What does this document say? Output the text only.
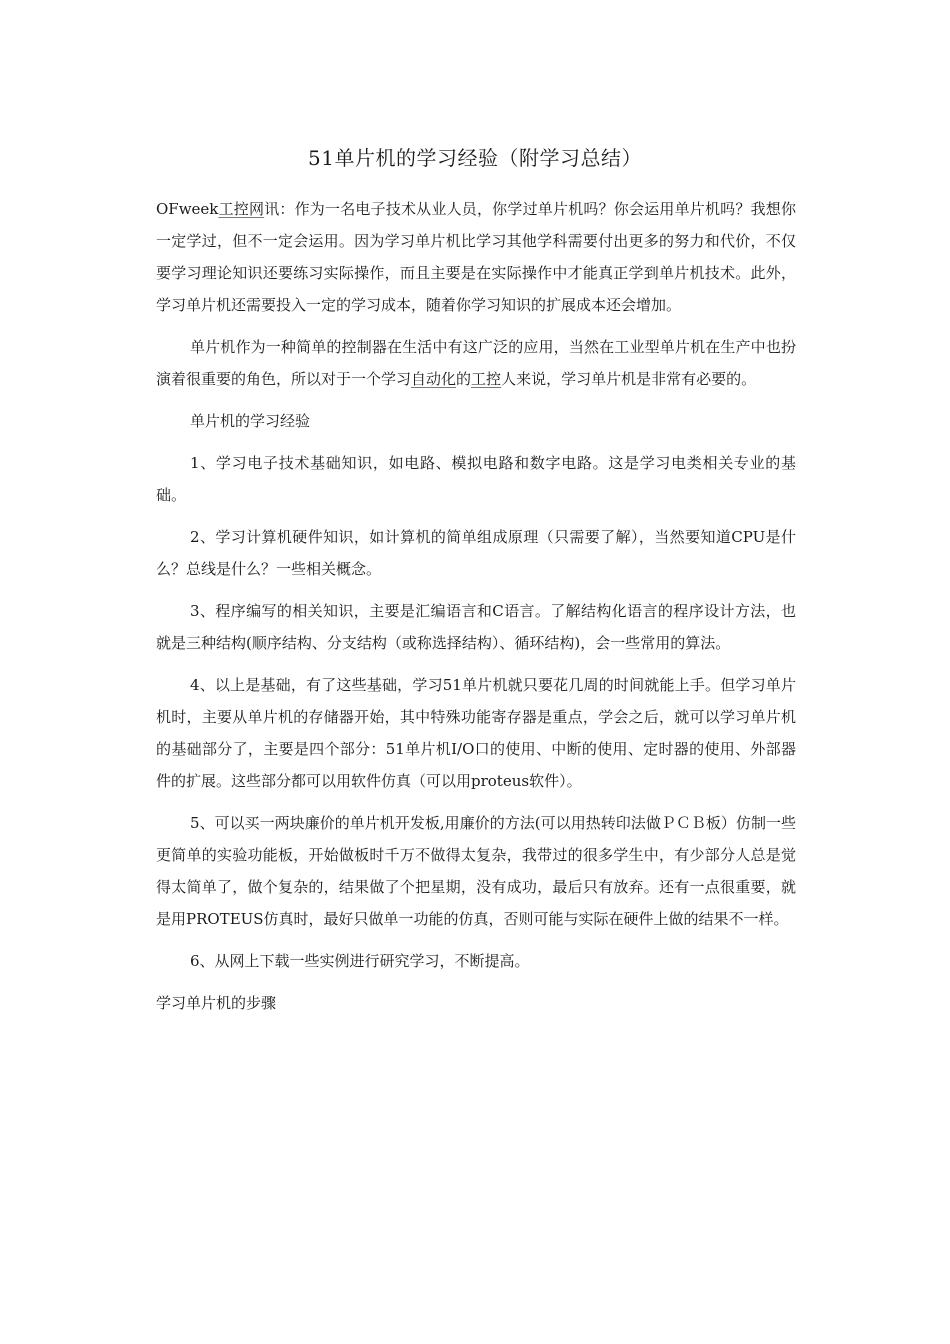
51单片机的学习经验（附学习总结）

OFweek工控网讯：作为一名电子技术从业人员，你学过单片机吗？你会运用单片机吗？我想你一定学过，但不一定会运用。因为学习单片机比学习其他学科需要付出更多的努力和代价，不仅要学习理论知识还要练习实际操作，而且主要是在实际操作中才能真正学到单片机技术。此外，学习单片机还需要投入一定的学习成本，随着你学习知识的扩展成本还会增加。

单片机作为一种简单的控制器在生活中有这广泛的应用，当然在工业型单片机在生产中也扮演着很重要的角色，所以对于一个学习自动化的工控人来说，学习单片机是非常有必要的。

单片机的学习经验

1、学习电子技术基础知识，如电路、模拟电路和数字电路。这是学习电类相关专业的基础。

2、学习计算机硬件知识，如计算机的简单组成原理（只需要了解），当然要知道CPU是什么？总线是什么？一些相关概念。

3、程序编写的相关知识，主要是汇编语言和C语言。了解结构化语言的程序设计方法，也就是三种结构(顺序结构、分支结构（或称选择结构）、循环结构)，会一些常用的算法。

4、以上是基础，有了这些基础，学习51单片机就只要花几周的时间就能上手。但学习单片机时，主要从单片机的存储器开始，其中特殊功能寄存器是重点，学会之后，就可以学习单片机的基础部分了，主要是四个部分：51单片机I/O口的使用、中断的使用、定时器的使用、外部器件的扩展。这些部分都可以用软件仿真（可以用proteus软件）。

5、可以买一两块廉价的单片机开发板,用廉价的方法(可以用热转印法做ＰＣＢ板）仿制一些更简单的实验功能板，开始做板时千万不做得太复杂，我带过的很多学生中，有少部分人总是觉得太简单了，做个复杂的，结果做了个把星期，没有成功，最后只有放弃。还有一点很重要，就是用PROTEUS仿真时，最好只做单一功能的仿真，否则可能与实际在硬件上做的结果不一样。

6、从网上下载一些实例进行研究学习，不断提高。

学习单片机的步骤
